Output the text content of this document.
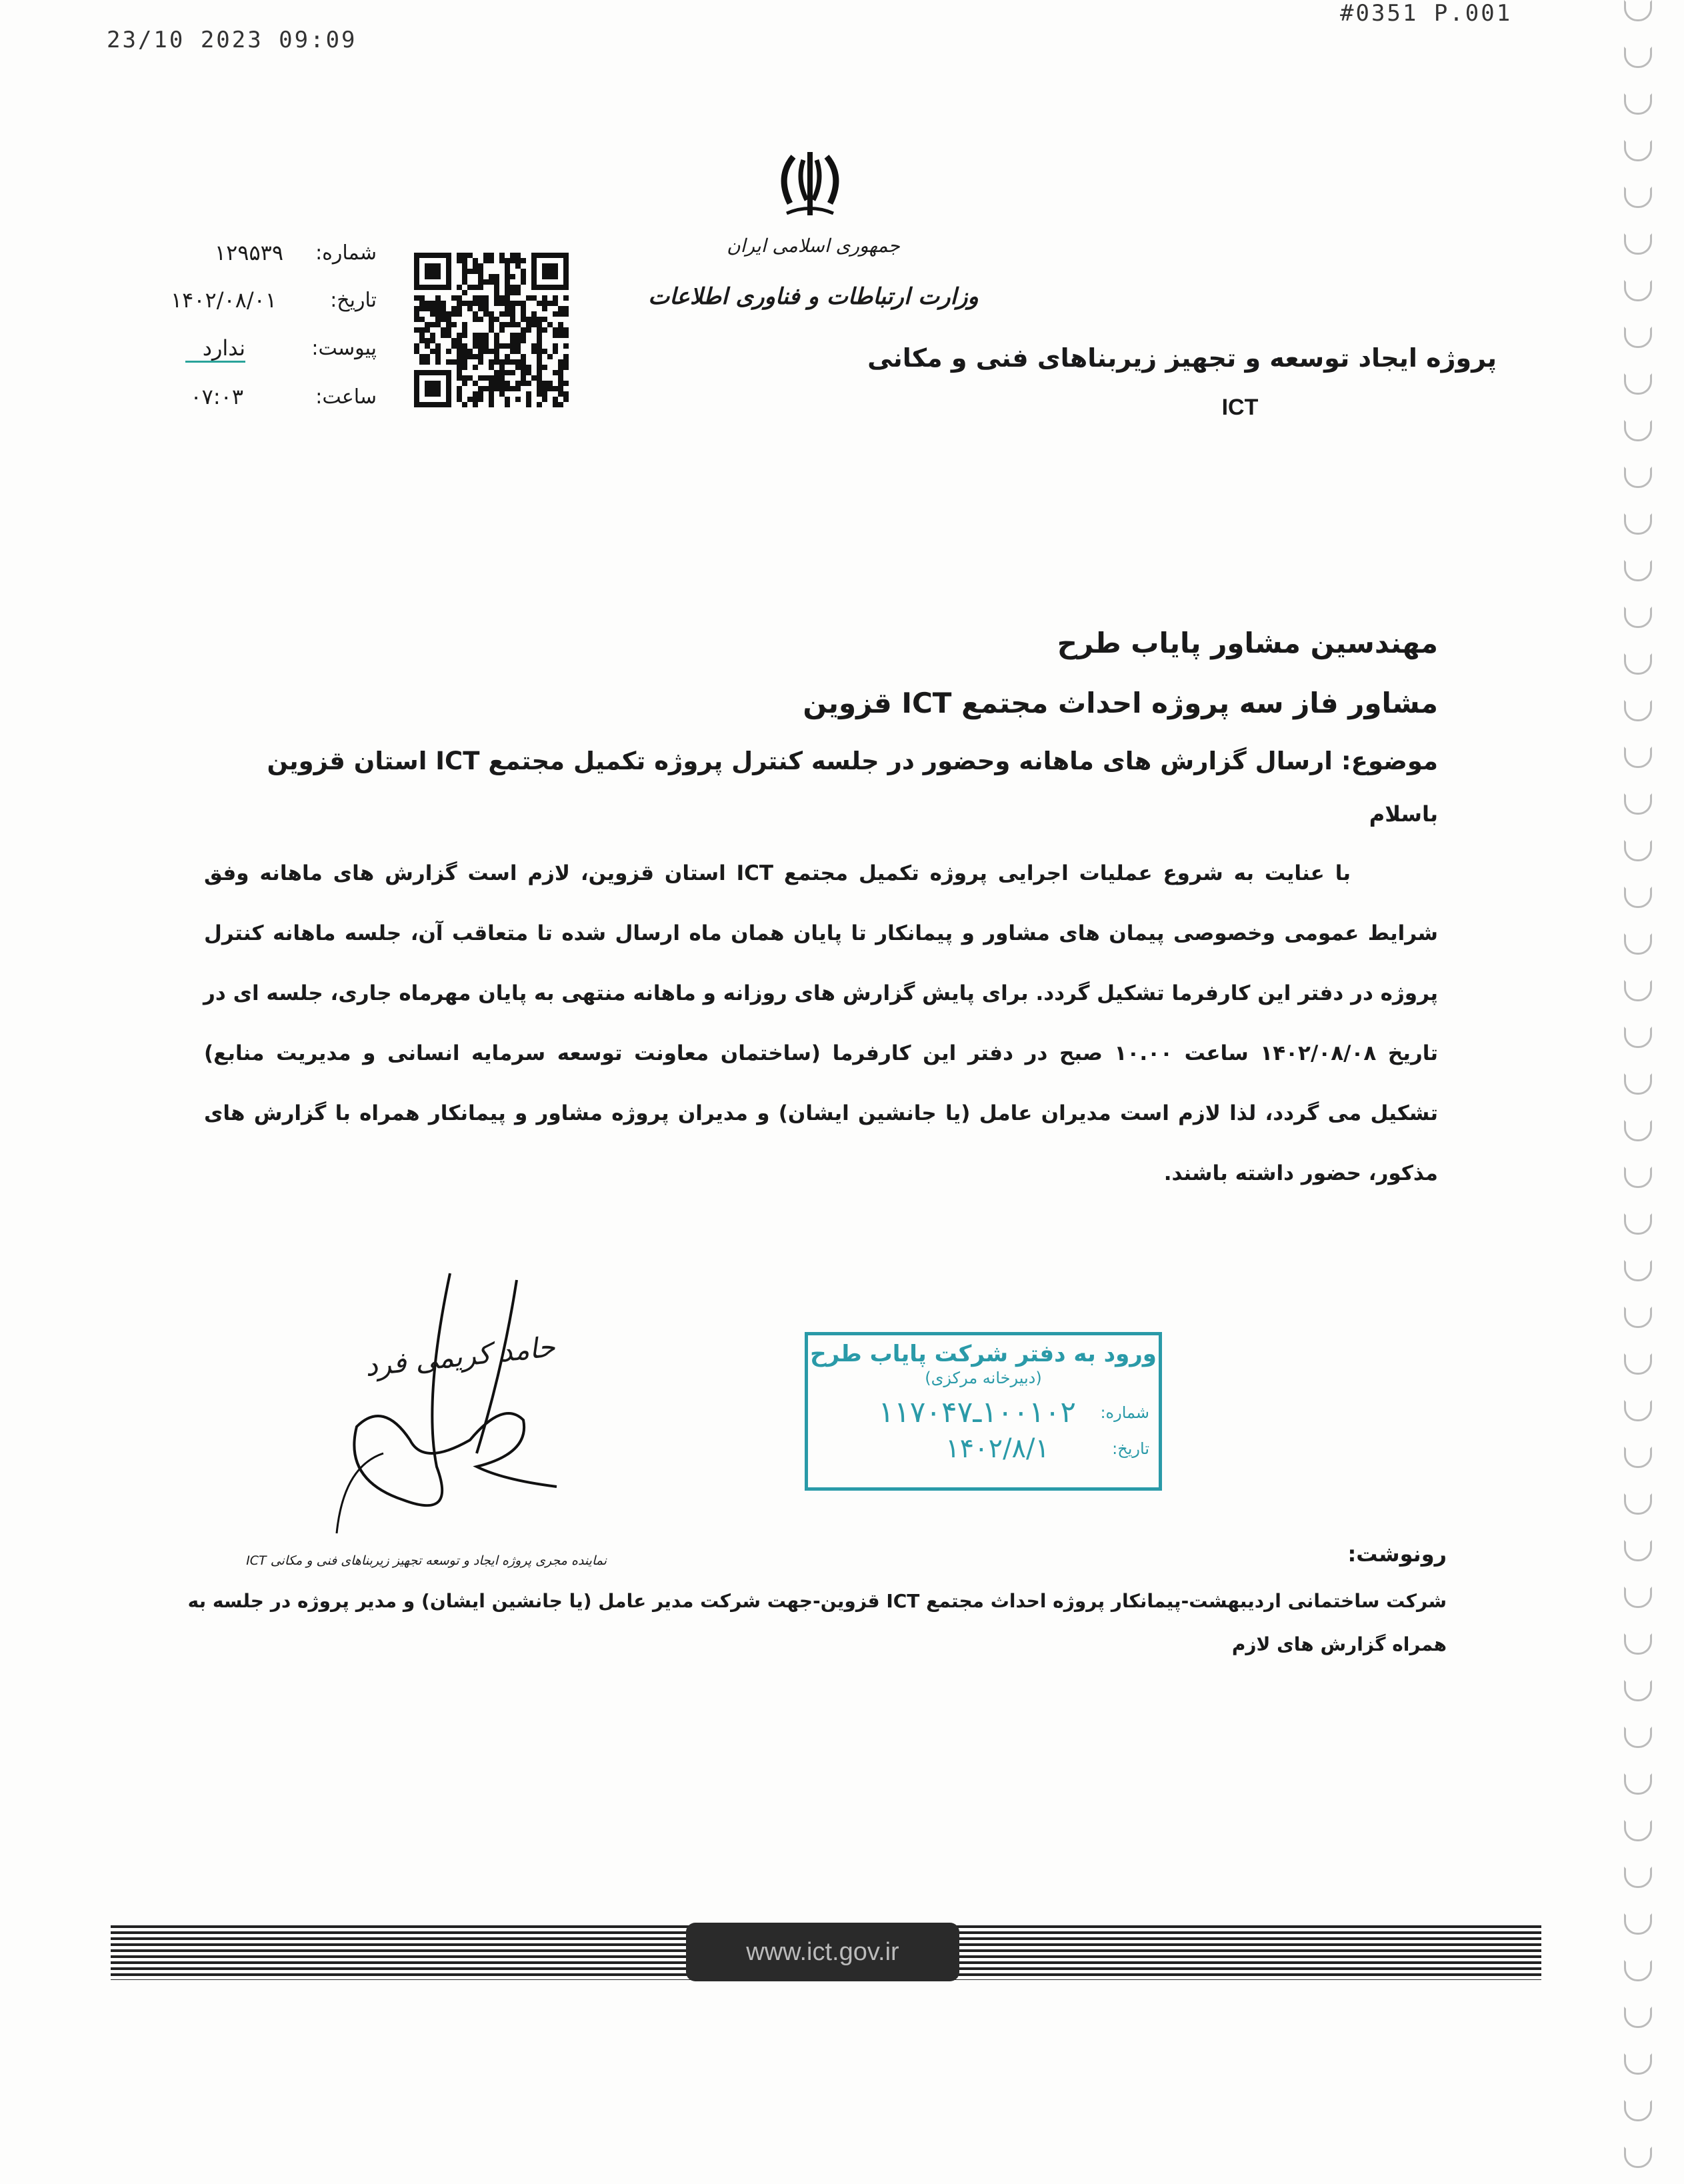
23/10 2023 09:09
#0351 P.001
جمهوری اسلامی ایران
وزارت ارتباطات و فناوری اطلاعات
پروژه ایجاد توسعه و تجهیز زیربناهای فنی و مکانی
ICT
شماره:
۱۲۹۵۳۹
تاریخ:
۱۴۰۲/۰۸/۰۱
پیوست:
ندارد
ساعت:
۰۷:۰۳
مهندسین مشاور پایاب طرح
مشاور فاز سه پروژه احداث مجتمع ICT قزوین
موضوع: ارسال گزارش های ماهانه وحضور در جلسه کنترل پروژه تکمیل مجتمع ICT استان قزوین
باسلام
با عنایت به شروع عملیات اجرایی پروژه تکمیل مجتمع ICT استان قزوین، لازم است گزارش های ماهانه وفق
شرایط عمومی وخصوصی پیمان های مشاور و پیمانکار تا پایان همان ماه ارسال شده تا متعاقب آن، جلسه ماهانه کنترل
پروژه در دفتر این کارفرما تشکیل گردد. برای پایش گزارش های روزانه و ماهانه منتهی به پایان مهرماه جاری، جلسه ای در
تاریخ ۱۴۰۲/۰۸/۰۸ ساعت ۱۰.۰۰ صبح در دفتر این کارفرما (ساختمان معاونت توسعه سرمایه انسانی و مدیریت منابع)
تشکیل می گردد، لذا لازم است مدیران عامل (یا جانشین ایشان) و مدیران پروژه مشاور و پیمانکار همراه با گزارش های
مذکور، حضور داشته باشند.
حامد کریمی فرد
نماینده مجری پروژه ایجاد و توسعه تجهیز زیربناهای فنی و مکانی ICT
ورود به دفتر شرکت پایاب طرح
(دبیرخانه مرکزی)
شماره:
۱۰۰۱۰۲ـ۱۱۷۰۴۷
تاریخ:
۱۴۰۲/۸/۱
رونوشت:
شرکت ساختمانی اردیبهشت-پیمانکار پروژه احداث مجتمع ICT قزوین-جهت شرکت مدیر عامل (یا جانشین ایشان) و مدیر پروژه در جلسه به
همراه گزارش های لازم
www.ict.gov.ir
